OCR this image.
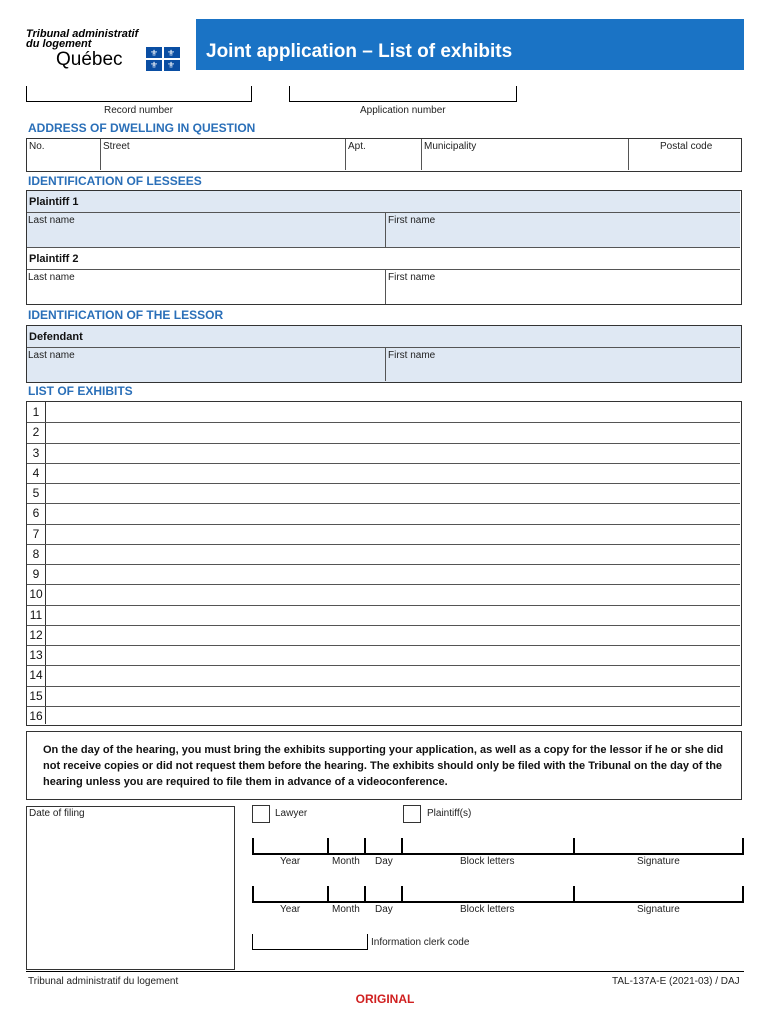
Tribunal administratif
du logement
Québec	⚜ ⚜
⚜ ⚜
Joint application – List of exhibits
Record number	Application number
ADDRESS OF DWELLING IN QUESTION
No.	Street	Apt.	Municipality	Postal code
IDENTIFICATION OF LESSEES
Plaintiff 1
Last name	First name
Plaintiff 2
Last name	First name
IDENTIFICATION OF THE LESSOR
Defendant
Last name	First name
LIST OF EXHIBITS
1
2
3
4
5
6
7
8
9
10
11
12
13
14
15
16
On the day of the hearing, you must bring the exhibits supporting your application, as well as a copy for the lessor if he or she did not receive copies or did not request them before the hearing. The exhibits should only be filed with the Tribunal on the day of the hearing unless you are required to file them in advance of a videoconference.
Date of filing	Lawyer	Plaintiff(s)
Year	Month Day	Block letters	Signature
Year	Month Day	Block letters	Signature
Information clerk code
Tribunal administratif du logement	TAL-137A-E (2021-03) / DAJ
ORIGINAL
